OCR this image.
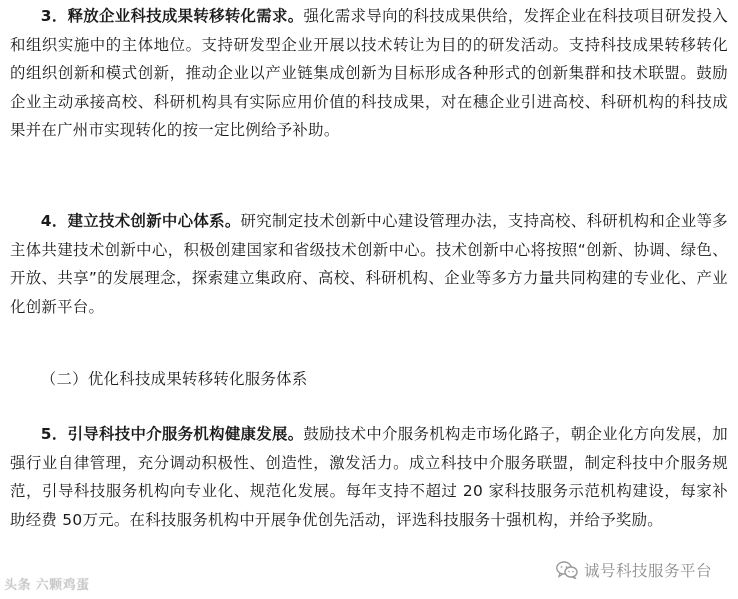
3．释放企业科技成果转移转化需求。强化需求导向的科技成果供给，发挥企业在科技项目研发投入和组织实施中的主体地位。支持研发型企业开展以技术转让为目的的研发活动。支持科技成果转移转化的组织创新和模式创新，推动企业以产业链集成创新为目标形成各种形式的创新集群和技术联盟。鼓励企业主动承接高校、科研机构具有实际应用价值的科技成果，对在穗企业引进高校、科研机构的科技成果并在广州市实现转化的按一定比例给予补助。

4．建立技术创新中心体系。研究制定技术创新中心建设管理办法，支持高校、科研机构和企业等多主体共建技术创新中心，积极创建国家和省级技术创新中心。技术创新中心将按照“创新、协调、绿色、开放、共享”的发展理念，探索建立集政府、高校、科研机构、企业等多方力量共同构建的专业化、产业化创新平台。

（二）优化科技成果转移转化服务体系

5．引导科技中介服务机构健康发展。鼓励技术中介服务机构走市场化路子，朝企业化方向发展，加强行业自律管理，充分调动积极性、创造性，激发活力。成立科技中介服务联盟，制定科技中介服务规范，引导科技服务机构向专业化、规范化发展。每年支持不超过 20 家科技服务示范机构建设，每家补助经费 50万元。在科技服务机构中开展争优创先活动，评选科技服务十强机构，并给予奖励。

头条 六颗鸡蛋
诚号科技服务平台
